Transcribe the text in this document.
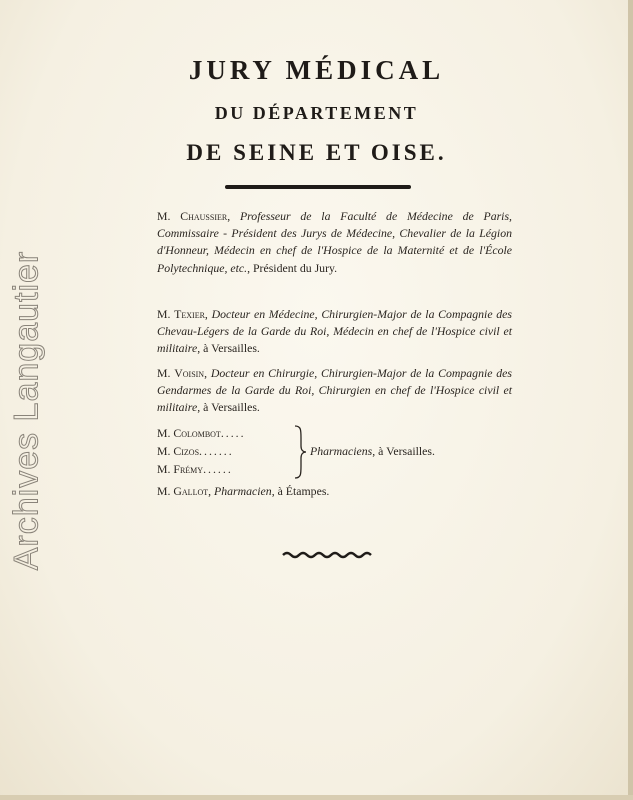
Archives Langautier
JURY MÉDICAL
DU DÉPARTEMENT
DE SEINE ET OISE.

M. Chaussier, Professeur de la Faculté de Médecine de Paris, Commissaire - Président des Jurys de Médecine, Chevalier de la Légion d'Honneur, Médecin en chef de l'Hospice de la Maternité et de l'École Polytechnique, etc., Président du Jury.

M. Texier, Docteur en Médecine, Chirurgien-Major de la Compagnie des Chevau-Légers de la Garde du Roi, Médecin en chef de l'Hospice civil et militaire, à Versailles.

M. Voisin, Docteur en Chirurgie, Chirurgien-Major de la Compagnie des Gendarmes de la Garde du Roi, Chirurgien en chef de l'Hospice civil et militaire, à Versailles.

M. Colombot.....
M. Cizos.......
M. Frémy......
Pharmaciens, à Versailles.
M. Gallot, Pharmacien, à Étampes.
